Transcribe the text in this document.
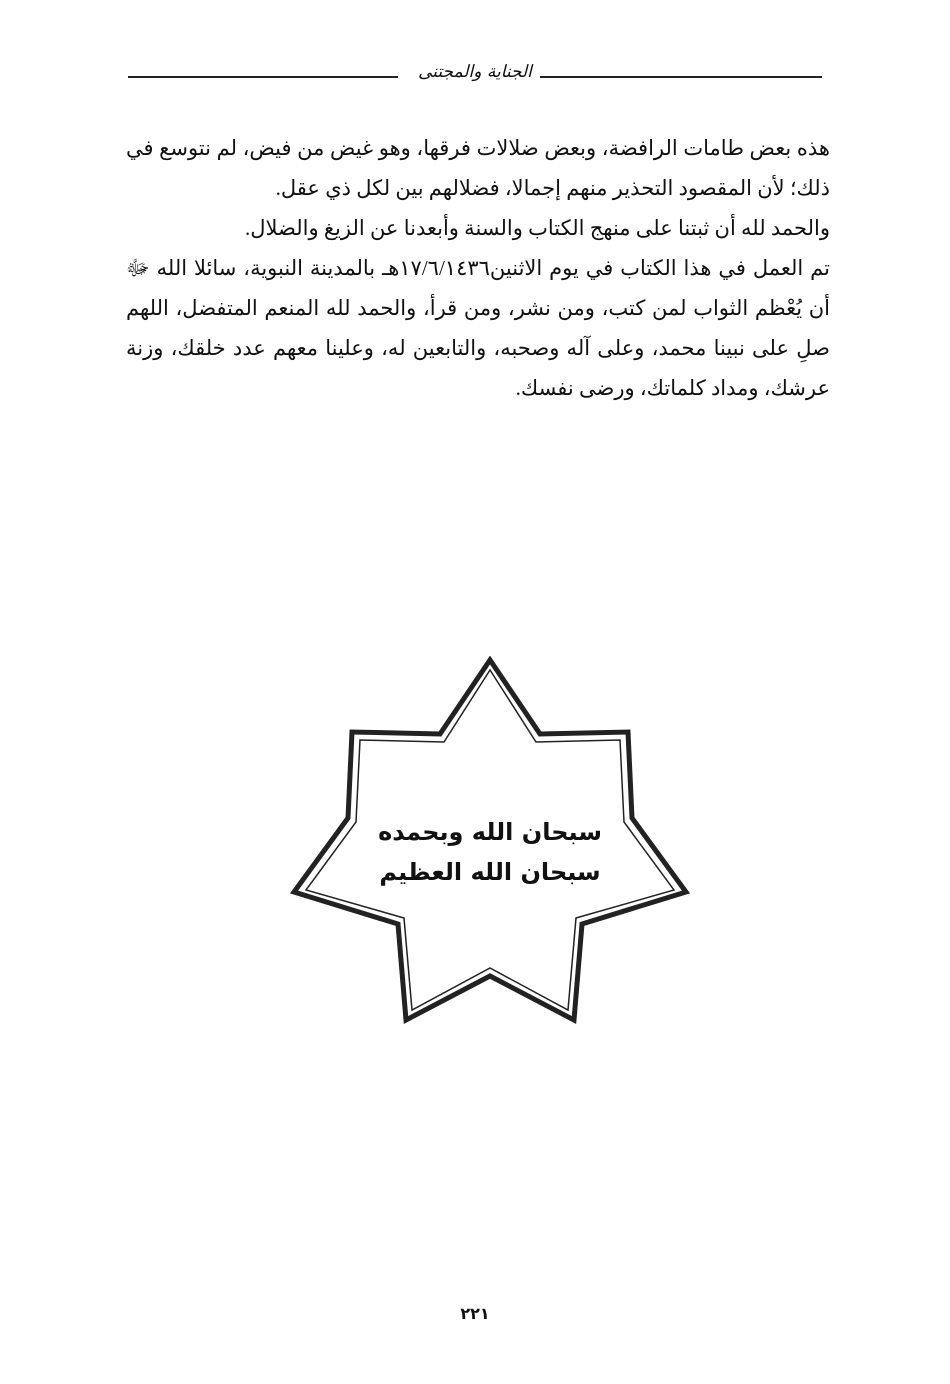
الجناية والمجتنى

هذه بعض طامات الرافضة، وبعض ضلالات فرقها، وهو غيض من فيض، لم نتوسع في ذلك؛ لأن المقصود التحذير منهم إجمالا، فضلالهم بين لكل ذي عقل.

والحمد لله أن ثبتنا على منهج الكتاب والسنة وأبعدنا عن الزيغ والضلال.

تم العمل في هذا الكتاب في يوم الاثنين١٧/٦/١٤٣٦هـ بالمدينة النبوية، سائلا الله ﷻ أن يُعْظم الثواب لمن كتب، ومن نشر، ومن قرأ، والحمد لله المنعم المتفضل، اللهم صلِ على نبينا محمد، وعلى آله وصحبه، والتابعين له، وعلينا معهم عدد خلقك، وزنة عرشك، ومداد كلماتك، ورضى نفسك.

سبحان الله وبحمده
سبحان الله العظيم
٢٢١
